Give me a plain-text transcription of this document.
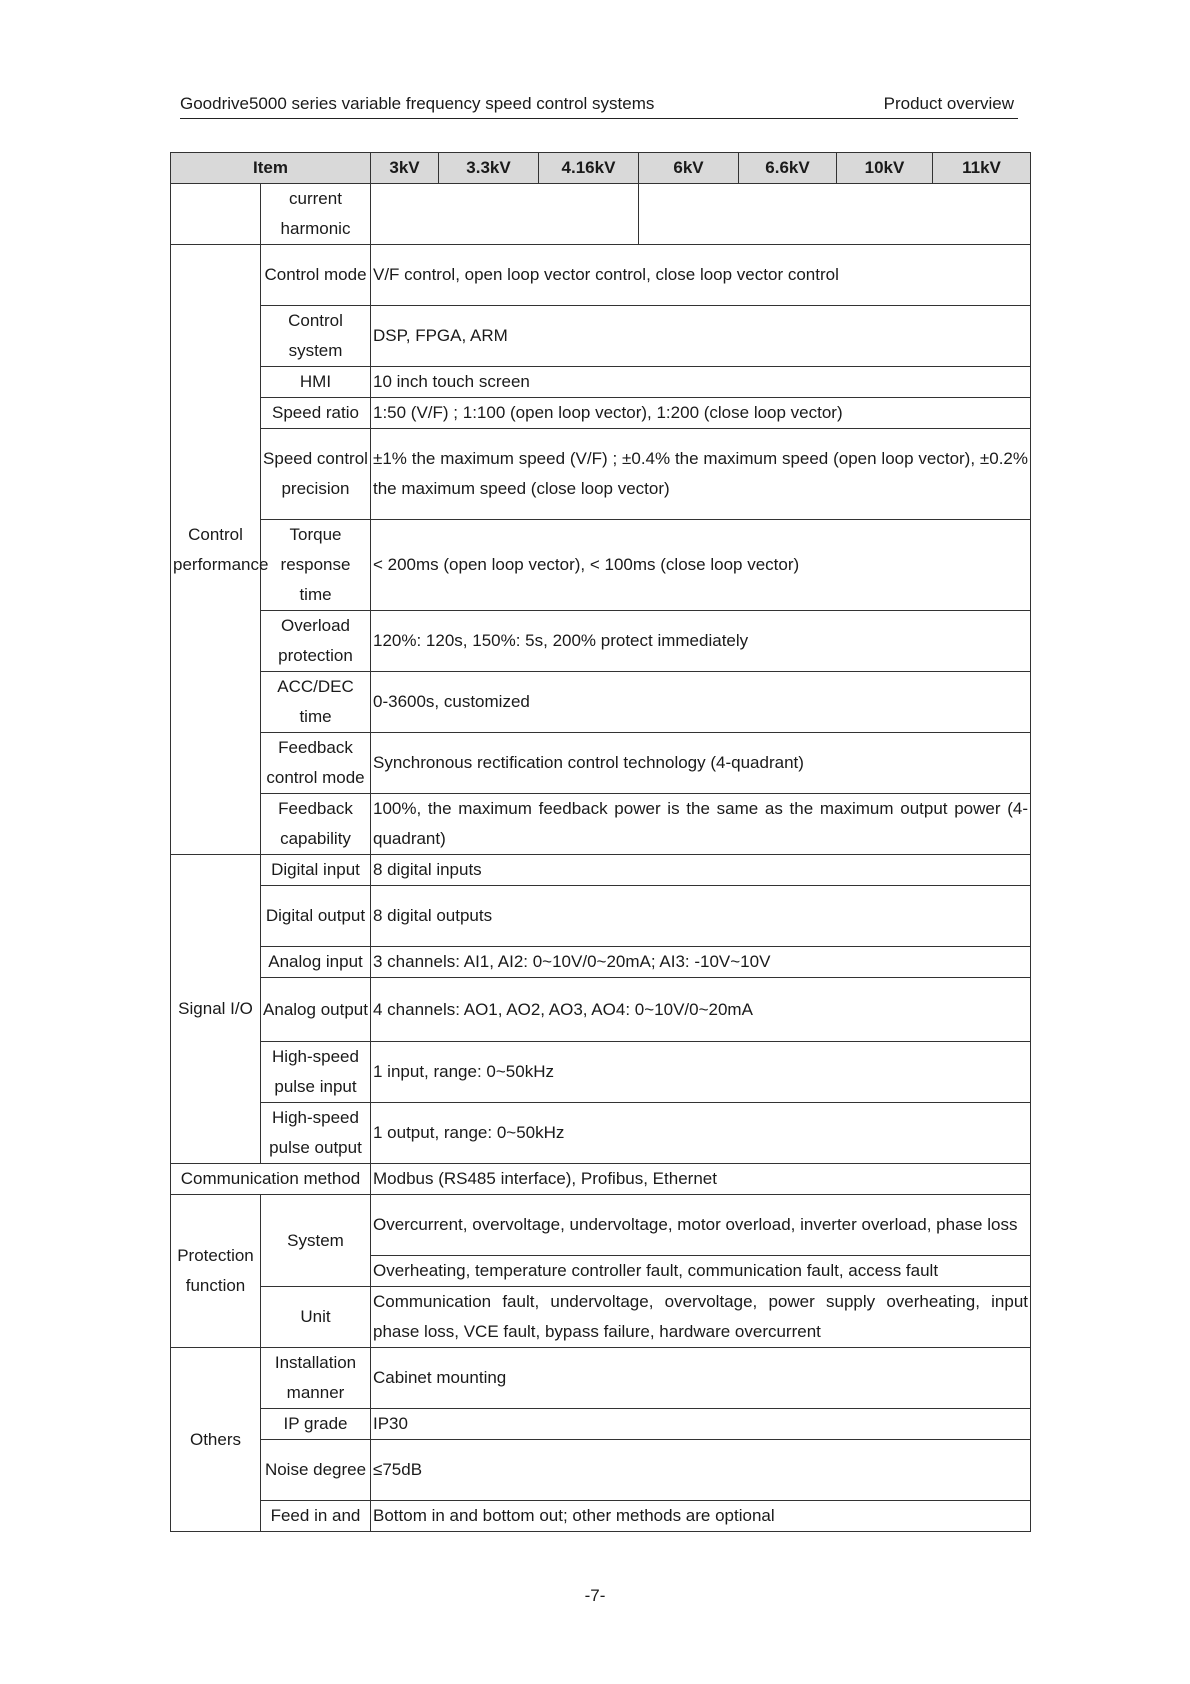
Goodrive5000 series variable frequency speed control systems	Product overview
Item		3kV	3.3kV	4.16kV	6kV	6.6kV	10kV	11kV
	current harmonic							
Control performance	Control mode	V/F control, open loop vector control, close loop vector control						
	Control system	DSP, FPGA, ARM						
	HMI	10 inch touch screen						
	Speed ratio	1:50 (V/F) ; 1:100 (open loop vector), 1:200 (close loop vector)						
	Speed control precision	±1% the maximum speed (V/F) ; ±0.4% the maximum speed (open loop vector), ±0.2% the maximum speed (close loop vector)						
	Torque response time	< 200ms (open loop vector), < 100ms (close loop vector)						
	Overload protection	120%: 120s, 150%: 5s, 200% protect immediately						
	ACC/DEC time	0-3600s, customized						
	Feedback control mode	Synchronous rectification control technology (4-quadrant)						
	Feedback capability	100%, the maximum feedback power is the same as the maximum output power (4-quadrant)						
Signal I/O	Digital input	8 digital inputs						
	Digital output	8 digital outputs						
	Analog input	3 channels: AI1, AI2: 0~10V/0~20mA; AI3: -10V~10V						
	Analog output	4 channels: AO1, AO2, AO3, AO4: 0~10V/0~20mA						
	High-speed pulse input	1 input, range: 0~50kHz						
	High-speed pulse output	1 output, range: 0~50kHz						
Communication method		Modbus (RS485 interface), Profibus, Ethernet						
Protection function	System	Overcurrent, overvoltage, undervoltage, motor overload, inverter overload, phase loss						
		Overheating, temperature controller fault, communication fault, access fault						
	Unit	Communication fault, undervoltage, overvoltage, power supply overheating, input phase loss, VCE fault, bypass failure, hardware overcurrent						
Others	Installation manner	Cabinet mounting						
	IP grade	IP30						
	Noise degree	≤75dB						
	Feed in and	Bottom in and bottom out; other methods are optional						
-7-
